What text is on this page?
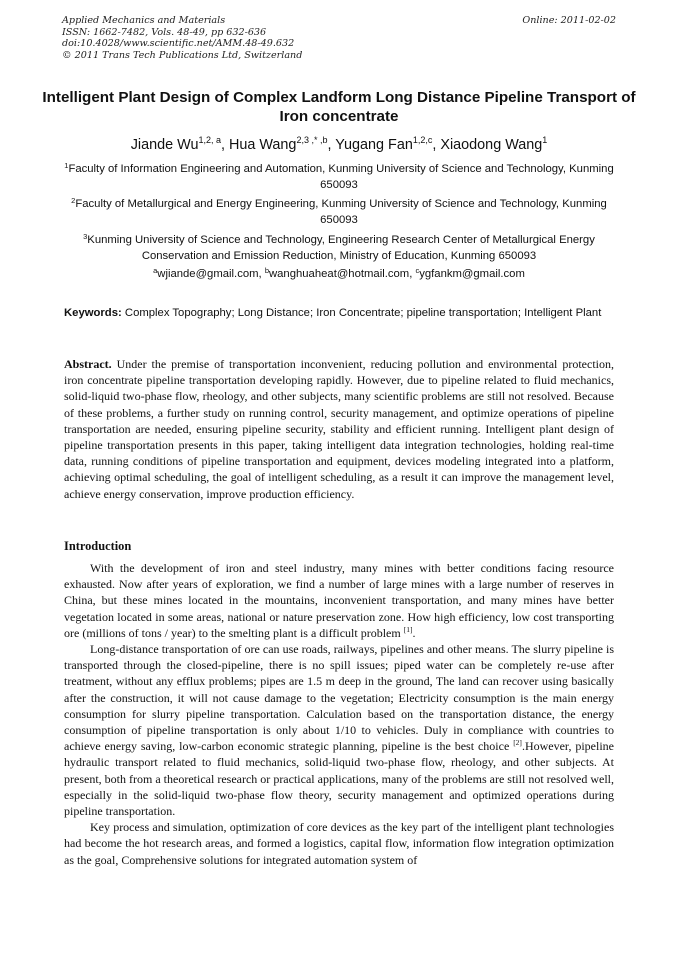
Applied Mechanics and Materials
ISSN: 1662-7482, Vols. 48-49, pp 632-636
doi:10.4028/www.scientific.net/AMM.48-49.632
© 2011 Trans Tech Publications Ltd, Switzerland
Online: 2011-02-02
Intelligent Plant Design of Complex Landform Long Distance Pipeline Transport of Iron concentrate
Jiande Wu$^{1,2, a}$, Hua Wang$^{2,3 ,* ,b}$, Yugang Fan$^{1,2,c}$, Xiaodong Wang$^1$
$^1$Faculty of Information Engineering and Automation, Kunming University of Science and Technology, Kunming 650093
$^2$Faculty of Metallurgical and Energy Engineering, Kunming University of Science and Technology, Kunming 650093
$^3$Kunming University of Science and Technology, Engineering Research Center of Metallurgical Energy Conservation and Emission Reduction, Ministry of Education, Kunming 650093
$^a$wjiande@gmail.com, $^b$wanghuaheat@hotmail.com, $^c$ygfankm@gmail.com
Keywords: Complex Topography; Long Distance; Iron Concentrate; pipeline transportation; Intelligent Plant
Abstract. Under the premise of transportation inconvenient, reducing pollution and environmental protection, iron concentrate pipeline transportation developing rapidly. However, due to pipeline related to fluid mechanics, solid-liquid two-phase flow, rheology, and other subjects, many scientific problems are still not resolved. Because of these problems, a further study on running control, security management, and optimize operations of pipeline transportation are needed, ensuring pipeline security, stability and efficient running. Intelligent plant design of pipeline transportation presents in this paper, taking intelligent data integration technologies, holding real-time data, running conditions of pipeline transportation and equipment, devices modeling integrated into a platform, achieving optimal scheduling, the goal of intelligent scheduling, as a result it can improve the management level, achieve energy conservation, improve production efficiency.
Introduction

With the development of iron and steel industry, many mines with better conditions facing resource exhausted. Now after years of exploration, we find a number of large mines with a large number of reserves in China, but these mines located in the mountains, inconvenient transportation, and many mines have better vegetation located in some areas, national or nature preservation zone. How high efficiency, low cost transporting ore (millions of tons / year) to the smelting plant is a difficult problem [1].

Long-distance transportation of ore can use roads, railways, pipelines and other means. The slurry pipeline is transported through the closed-pipeline, there is no spill issues; piped water can be completely re-use after treatment, without any efflux problems; pipes are 1.5 m deep in the ground, The land can recover using basically after the construction, it will not cause damage to the vegetation; Electricity consumption is the main energy consumption for slurry pipeline transportation. Calculation based on the transportation distance, the energy consumption of pipeline transportation is only about 1/10 to vehicles. Duly in compliance with countries to achieve energy saving, low-carbon economic strategic planning, pipeline is the best choice [2].However, pipeline hydraulic transport related to fluid mechanics, solid-liquid two-phase flow, rheology, and other subjects. At present, both from a theoretical research or practical applications, many of the problems are still not resolved well, especially in the solid-liquid two-phase flow theory, security management and optimized operations during pipeline transportation.

Key process and simulation, optimization of core devices as the key part of the intelligent plant technologies had become the hot research areas, and formed a logistics, capital flow, information flow integration optimization as the goal, Comprehensive solutions for integrated automation system of
